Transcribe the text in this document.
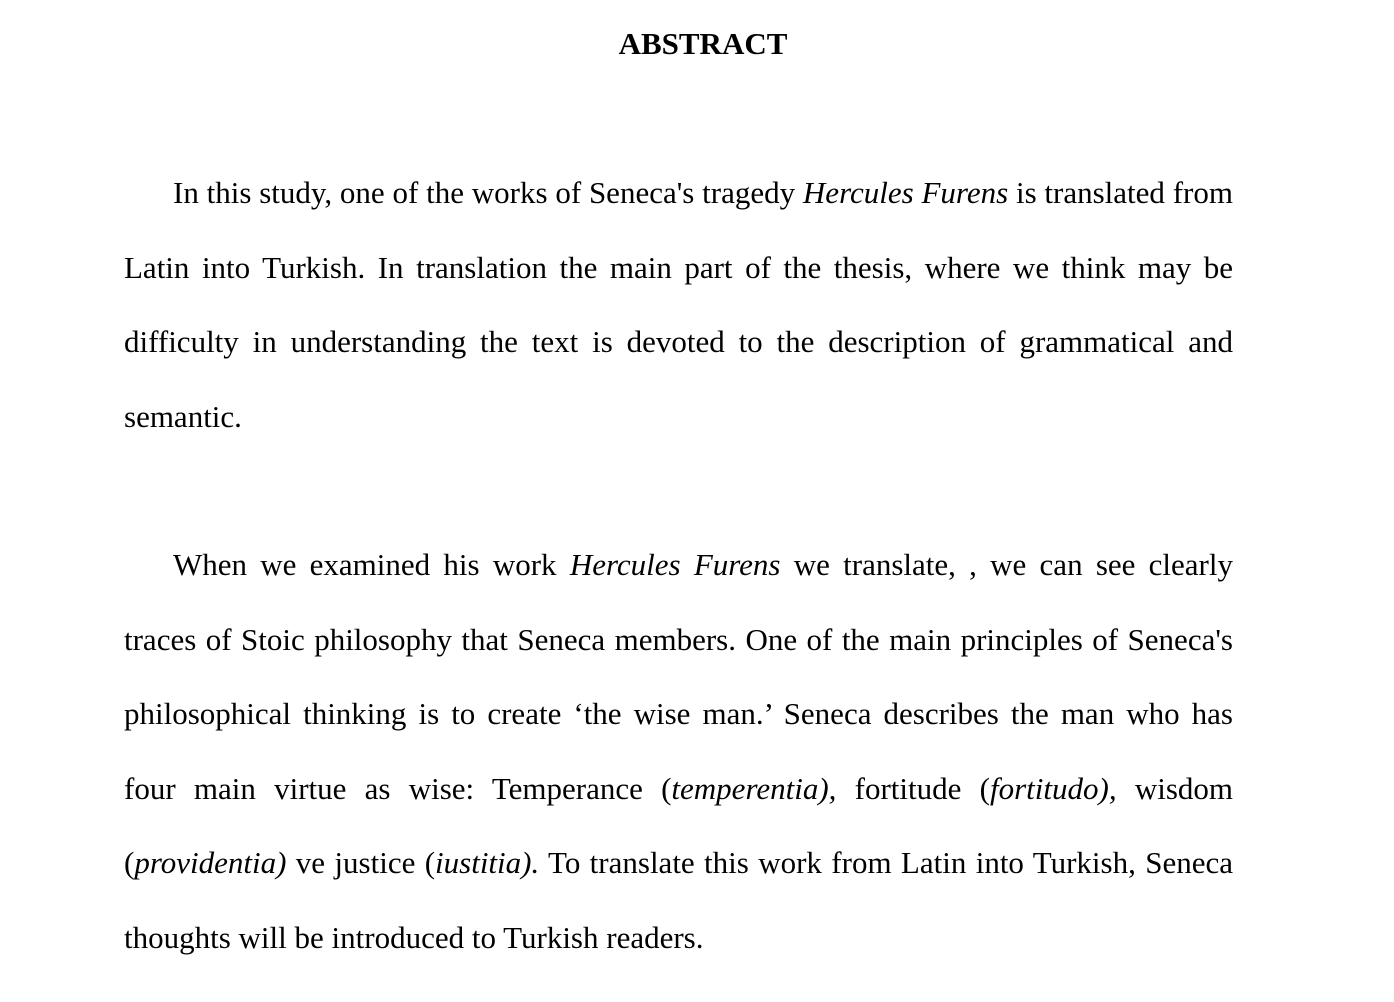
ABSTRACT

In this study, one of the works of Seneca's tragedy Hercules Furens is translated from Latin into Turkish. In translation the main part of the thesis, where we think may be difficulty in understanding the text is devoted to the description of grammatical and semantic.

When we examined his work Hercules Furens we translate, , we can see clearly traces of Stoic philosophy that Seneca members. One of the main principles of Seneca's philosophical thinking is to create ‘the wise man.’ Seneca describes the man who has four main virtue as wise: Temperance (temperentia), fortitude (fortitudo), wisdom (providentia) ve justice (iustitia). To translate this work from Latin into Turkish, Seneca thoughts will be introduced to Turkish readers.
